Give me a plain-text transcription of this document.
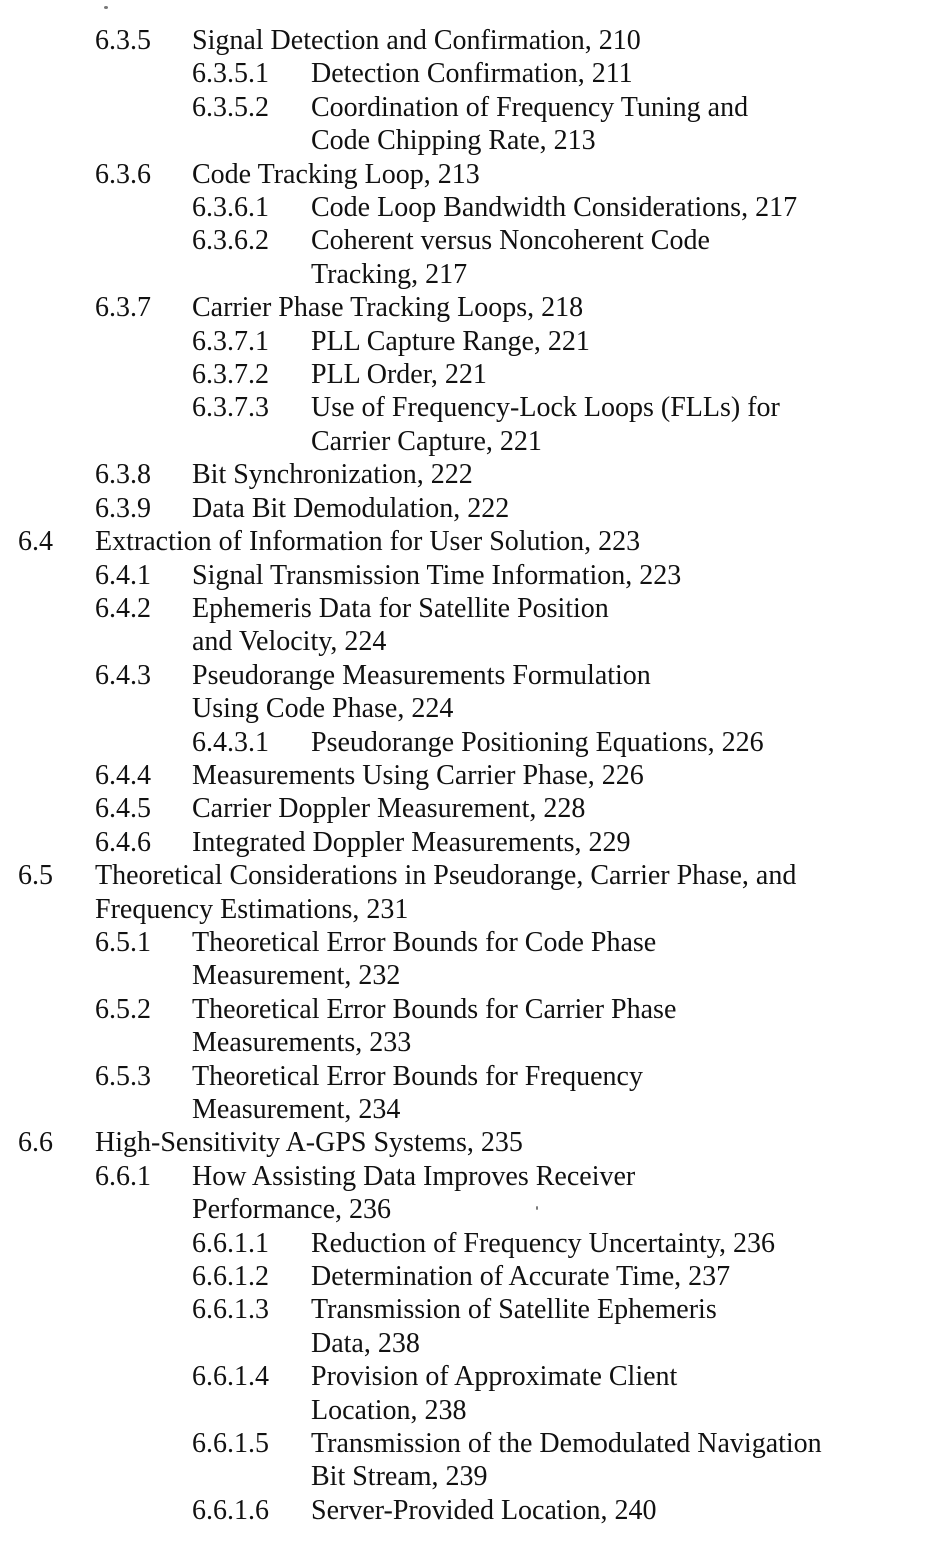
6.3.5	Signal Detection and Confirmation, 210
6.3.5.1	Detection Confirmation, 211
6.3.5.2	Coordination of Frequency Tuning and
Code Chipping Rate, 213
6.3.6	Code Tracking Loop, 213
6.3.6.1	Code Loop Bandwidth Considerations, 217
6.3.6.2	Coherent versus Noncoherent Code
Tracking, 217
6.3.7	Carrier Phase Tracking Loops, 218
6.3.7.1	PLL Capture Range, 221
6.3.7.2	PLL Order, 221
6.3.7.3	Use of Frequency-Lock Loops (FLLs) for
Carrier Capture, 221
6.3.8	Bit Synchronization, 222
6.3.9	Data Bit Demodulation, 222
6.4	Extraction of Information for User Solution, 223
6.4.1	Signal Transmission Time Information, 223
6.4.2	Ephemeris Data for Satellite Position
and Velocity, 224
6.4.3	Pseudorange Measurements Formulation
Using Code Phase, 224
6.4.3.1	Pseudorange Positioning Equations, 226
6.4.4	Measurements Using Carrier Phase, 226
6.4.5	Carrier Doppler Measurement, 228
6.4.6	Integrated Doppler Measurements, 229
6.5	Theoretical Considerations in Pseudorange, Carrier Phase, and
Frequency Estimations, 231
6.5.1	Theoretical Error Bounds for Code Phase
Measurement, 232
6.5.2	Theoretical Error Bounds for Carrier Phase
Measurements, 233
6.5.3	Theoretical Error Bounds for Frequency
Measurement, 234
6.6	High-Sensitivity A-GPS Systems, 235
6.6.1	How Assisting Data Improves Receiver
Performance, 236
6.6.1.1	Reduction of Frequency Uncertainty, 236
6.6.1.2	Determination of Accurate Time, 237
6.6.1.3	Transmission of Satellite Ephemeris
Data, 238
6.6.1.4	Provision of Approximate Client
Location, 238
6.6.1.5	Transmission of the Demodulated Navigation
Bit Stream, 239
6.6.1.6	Server-Provided Location, 240
